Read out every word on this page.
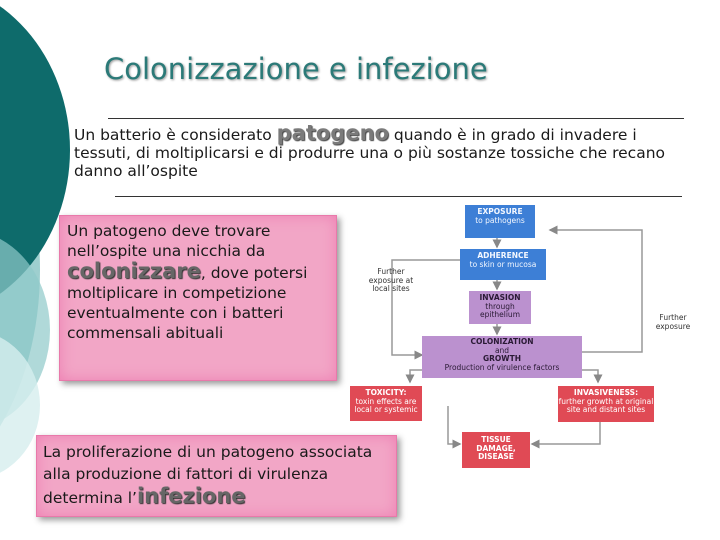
Colonizzazione e infezione
Un batterio è considerato patogeno quando è in grado di invadere i tessuti, di moltiplicarsi e di produrre una o più sostanze tossiche che recano danno all’ospite
Un patogeno deve trovare nell’ospite una nicchia da colonizzare, dove potersi moltiplicare in competizione eventualmente con i batteri commensali abituali
La proliferazione di un patogeno associata alla produzione di fattori di virulenza determina l’infezione
EXPOSURE
to pathogens
ADHERENCE
to skin or mucosa
INVASION
through epithelium
COLONIZATION
and
GROWTH
Production of virulence factors
TOXICITY:
toxin effects are local or systemic
INVASIVENESS:
further growth at original site and distant sites
TISSUE DAMAGE, DISEASE
Further exposure at local sites
Further exposure
